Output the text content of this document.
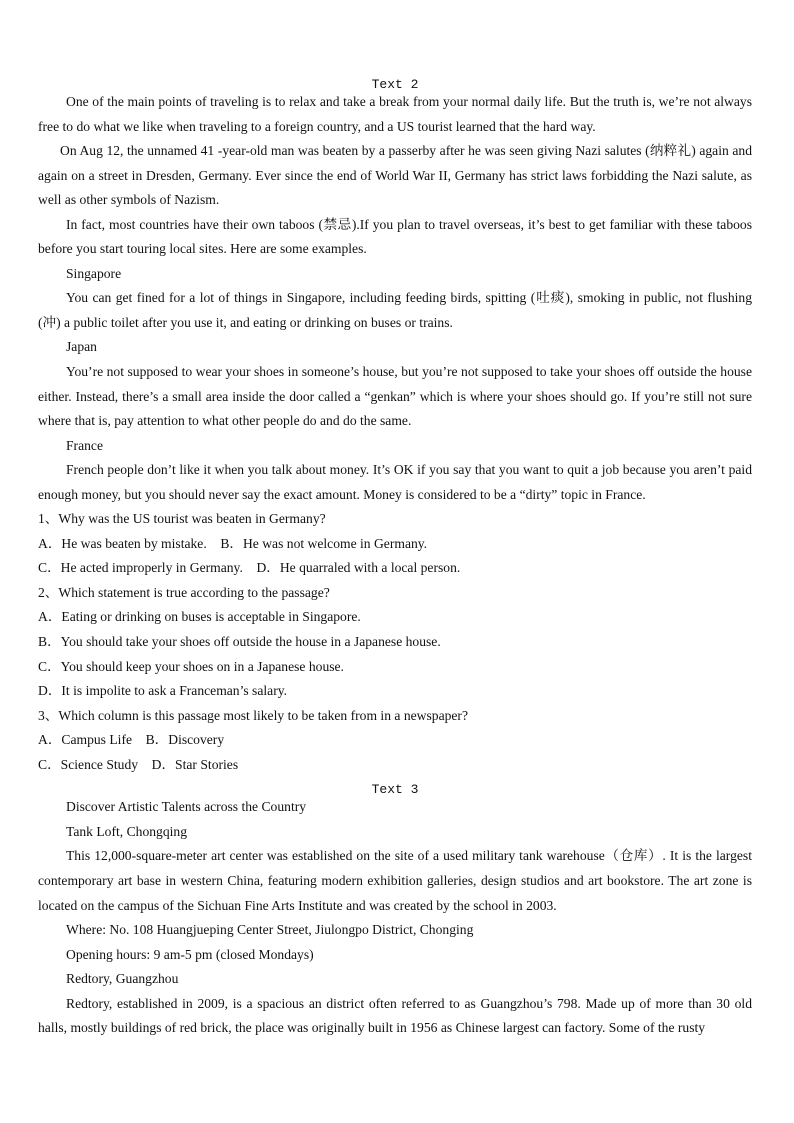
Text 2

One of the main points of traveling is to relax and take a break from your normal daily life. But the truth is, we’re not always free to do what we like when traveling to a foreign country, and a US tourist learned that the hard way.

On Aug 12, the unnamed 41 -year-old man was beaten by a passerby after he was seen giving Nazi salutes (纳粹礼) again and again on a street in Dresden, Germany. Ever since the end of World War II, Germany has strict laws forbidding the Nazi salute, as well as other symbols of Nazism.

In fact, most countries have their own taboos (禁忌).If you plan to travel overseas, it’s best to get familiar with these taboos before you start touring local sites. Here are some examples.

Singapore

You can get fined for a lot of things in Singapore, including feeding birds, spitting (吐痰), smoking in public, not flushing (冲) a public toilet after you use it, and eating or drinking on buses or trains.

Japan

You’re not supposed to wear your shoes in someone’s house, but you’re not supposed to take your shoes off outside the house either. Instead, there’s a small area inside the door called a “genkan” which is where your shoes should go. If you’re still not sure where that is, pay attention to what other people do and do the same.

France

French people don’t like it when you talk about money. It’s OK if you say that you want to quit a job because you aren’t paid enough money, but you should never say the exact amount. Money is considered to be a “dirty” topic in France.

1、Why was the US tourist was beaten in Germany?

A．He was beaten by mistake.　B．He was not welcome in Germany.

C．He acted improperly in Germany.　D．He quarraled with a local person.

2、Which statement is true according to the passage?

A．Eating or drinking on buses is acceptable in Singapore.

B．You should take your shoes off outside the house in a Japanese house.

C．You should keep your shoes on in a Japanese house.

D．It is impolite to ask a Franceman’s salary.

3、Which column is this passage most likely to be taken from in a newspaper?

A．Campus Life　B．Discovery

C．Science Study　D．Star Stories

Text 3

Discover Artistic Talents across the Country

Tank Loft, Chongqing

This 12,000-square-meter art center was established on the site of a used military tank warehouse（仓库）. It is the largest contemporary art base in western China, featuring modern exhibition galleries, design studios and art bookstore. The art zone is located on the campus of the Sichuan Fine Arts Institute and was created by the school in 2003.

Where: No. 108 Huangjueping Center Street, Jiulongpo District, Chonging

Opening hours: 9 am-5 pm (closed Mondays)

Redtory, Guangzhou

Redtory, established in 2009, is a spacious an district often referred to as Guangzhou’s 798. Made up of more than 30 old halls, mostly buildings of red brick, the place was originally built in 1956 as Chinese largest can factory. Some of the rusty
